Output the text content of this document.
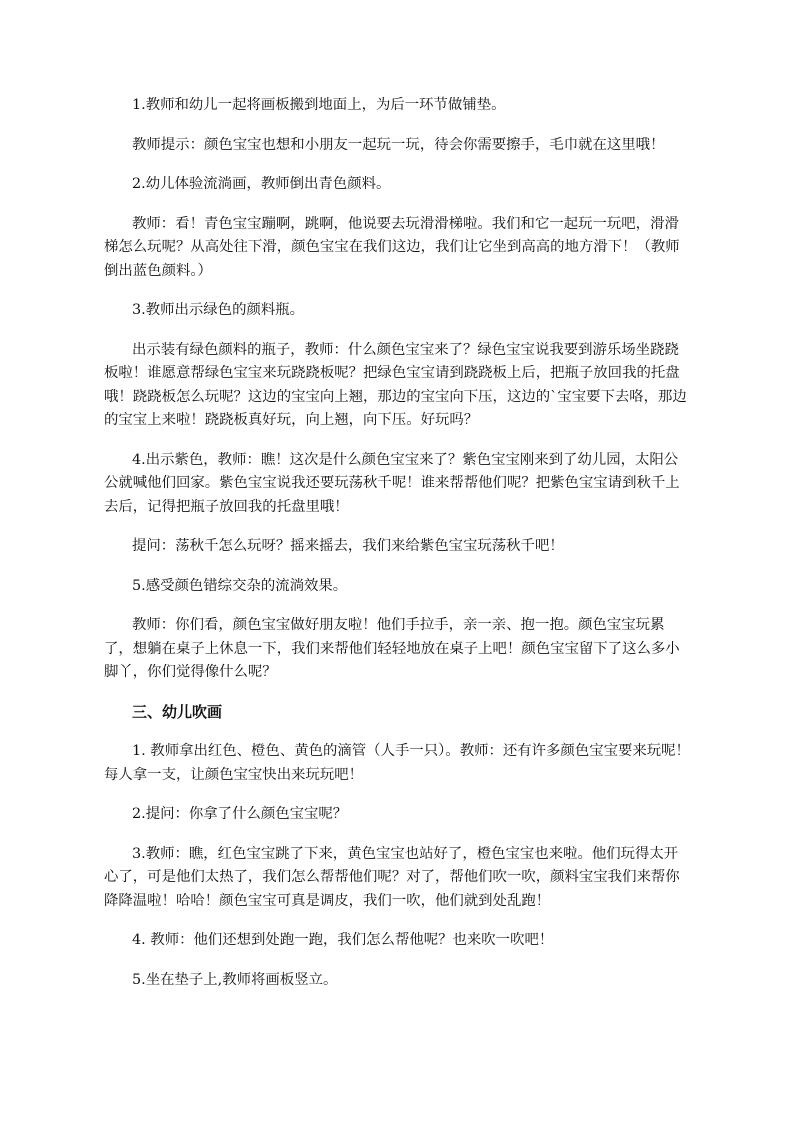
1.教师和幼儿一起将画板搬到地面上，为后一环节做铺垫。

教师提示：颜色宝宝也想和小朋友一起玩一玩，待会你需要擦手，毛巾就在这里哦！

2.幼儿体验流淌画，教师倒出青色颜料。

教师：看！青色宝宝蹦啊，跳啊，他说要去玩滑滑梯啦。我们和它一起玩一玩吧，滑滑梯怎么玩呢？从高处往下滑，颜色宝宝在我们这边，我们让它坐到高高的地方滑下！（教师倒出蓝色颜料。）

3.教师出示绿色的颜料瓶。

出示装有绿色颜料的瓶子，教师：什么颜色宝宝来了？绿色宝宝说我要到游乐场坐跷跷板啦！谁愿意帮绿色宝宝来玩跷跷板呢？把绿色宝宝请到跷跷板上后，把瓶子放回我的托盘哦！跷跷板怎么玩呢？这边的宝宝向上翘，那边的宝宝向下压，这边的`宝宝要下去咯，那边的宝宝上来啦！跷跷板真好玩，向上翘，向下压。好玩吗？

4.出示紫色，教师：瞧！这次是什么颜色宝宝来了？紫色宝宝刚来到了幼儿园，太阳公公就喊他们回家。紫色宝宝说我还要玩荡秋千呢！谁来帮帮他们呢？把紫色宝宝请到秋千上去后，记得把瓶子放回我的托盘里哦！

提问：荡秋千怎么玩呀？摇来摇去，我们来给紫色宝宝玩荡秋千吧！

5.感受颜色错综交杂的流淌效果。

教师：你们看，颜色宝宝做好朋友啦！他们手拉手，亲一亲、抱一抱。颜色宝宝玩累了，想躺在桌子上休息一下，我们来帮他们轻轻地放在桌子上吧！颜色宝宝留下了这么多小脚丫，你们觉得像什么呢？

三、幼儿吹画

1. 教师拿出红色、橙色、黄色的滴管（人手一只）。教师：还有许多颜色宝宝要来玩呢！每人拿一支，让颜色宝宝快出来玩玩吧！

2.提问：你拿了什么颜色宝宝呢？

3.教师：瞧，红色宝宝跳了下来，黄色宝宝也站好了，橙色宝宝也来啦。他们玩得太开心了，可是他们太热了，我们怎么帮帮他们呢？对了，帮他们吹一吹，颜料宝宝我们来帮你降降温啦！哈哈！颜色宝宝可真是调皮，我们一吹，他们就到处乱跑！

4. 教师：他们还想到处跑一跑，我们怎么帮他呢？也来吹一吹吧！

5.坐在垫子上,教师将画板竖立。
